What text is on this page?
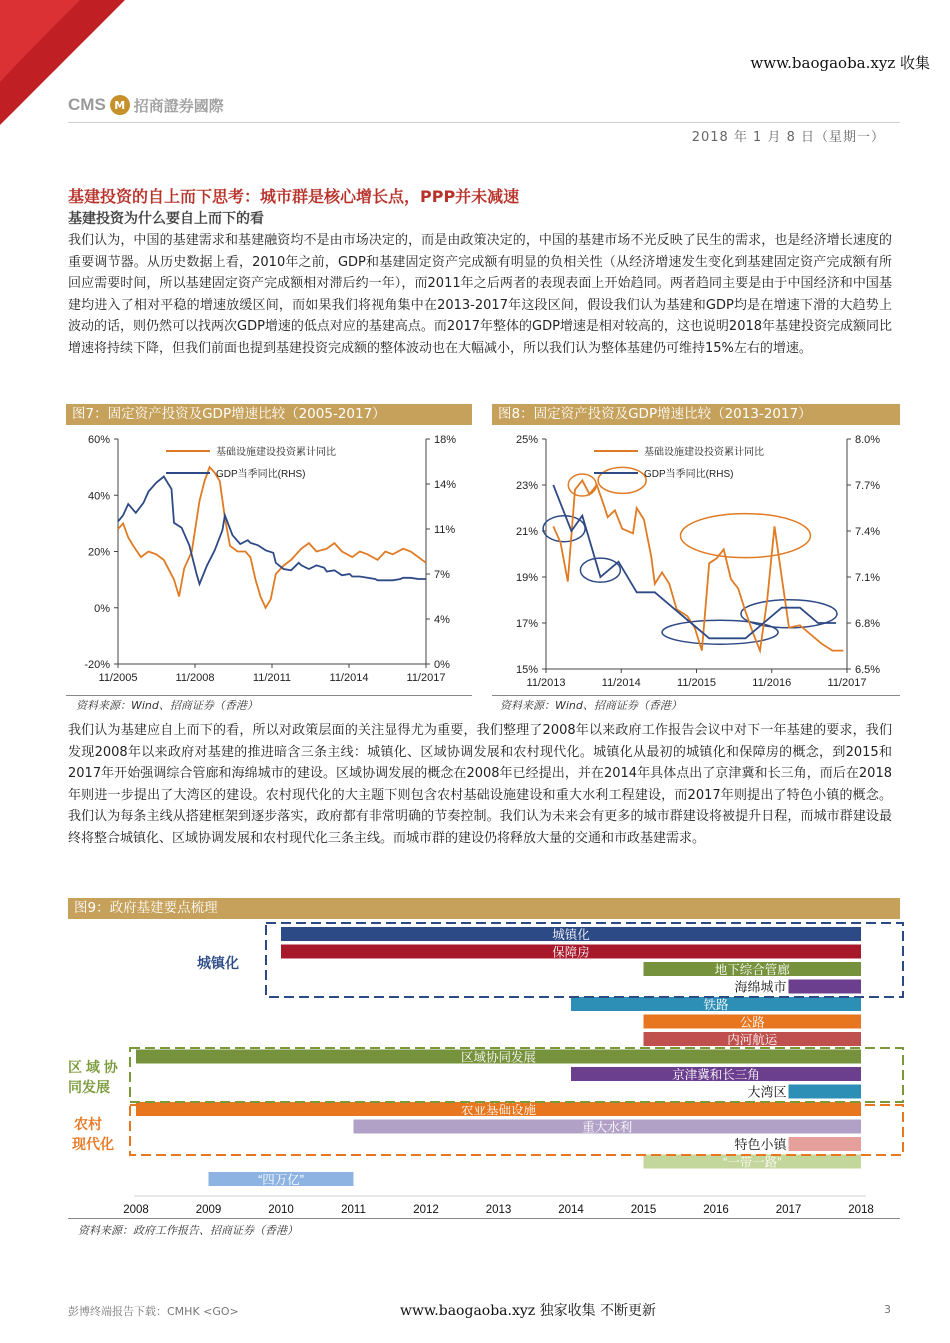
www.baogaoba.xyz 收集
CMS M 招商證券國際
2018 年 1 月 8 日（星期一）
基建投资的自上而下思考：城市群是核心增长点，PPP并未减速
基建投资为什么要自上而下的看
我们认为，中国的基建需求和基建融资均不是由市场决定的，而是由政策决定的，中国的基建市场不光反映了民生的需求，也是经济增长速度的重要调节器。从历史数据上看，2010年之前，GDP和基建固定资产完成额有明显的负相关性（从经济增速发生变化到基建固定资产完成额有所回应需要时间，所以基建固定资产完成额相对滞后约一年），而2011年之后两者的表现表面上开始趋同。两者趋同主要是由于中国经济和中国基建均进入了相对平稳的增速放缓区间，而如果我们将视角集中在2013-2017年这段区间，假设我们认为基建和GDP均是在增速下滑的大趋势上波动的话，则仍然可以找两次GDP增速的低点对应的基建高点。而2017年整体的GDP增速是相对较高的，这也说明2018年基建投资完成额同比增速将持续下降，但我们前面也提到基建投资完成额的整体波动也在大幅减小，所以我们认为整体基建仍可维持15%左右的增速。
图7：固定资产投资及GDP增速比较（2005-2017）
60%
40%
20%
0%
-20%
18%
14%
11%
7%
4%
0%
11/2005	11/2008	11/2011	11/2014	11/2017
基础设施建设投资累计同比
GDP当季同比(RHS)
资料来源：Wind、招商证券（香港）
图8：固定资产投资及GDP增速比较（2013-2017）
25%
23%
21%
19%
17%
15%
8.0%
7.7%
7.4%
7.1%
6.8%
6.5%
11/2013	11/2014	11/2015	11/2016	11/2017
基础设施建设投资累计同比
GDP当季同比(RHS)
资料来源：Wind、招商证券（香港）
我们认为基建应自上而下的看，所以对政策层面的关注显得尤为重要，我们整理了2008年以来政府工作报告会议中对下一年基建的要求，我们发现2008年以来政府对基建的推进暗含三条主线：城镇化、区域协调发展和农村现代化。城镇化从最初的城镇化和保障房的概念，到2015和2017年开始强调综合管廊和海绵城市的建设。区域协调发展的概念在2008年已经提出，并在2014年具体点出了京津冀和长三角，而后在2018年则进一步提出了大湾区的建设。农村现代化的大主题下则包含农村基础设施建设和重大水利工程建设，而2017年则提出了特色小镇的概念。我们认为每条主线从搭建框架到逐步落实，政府都有非常明确的节奏控制。我们认为未来会有更多的城市群建设将被提升日程，而城市群建设最终将整合城镇化、区域协调发展和农村现代化三条主线。而城市群的建设仍将释放大量的交通和市政基建需求。
图9：政府基建要点梳理
城镇化
保障房
地下综合管廊
海绵城市
铁路
公路
内河航运
区域协同发展
京津冀和长三角
大湾区
农业基础设施
重大水利
特色小镇
“一带一路”
“四万亿”
城镇化
区 域 协
同发展
农村
现代化
2008	2009	2010	2011	2012	2013	2014	2015	2016	2017	2018
资料来源：政府工作报告、招商证券（香港）
彭博终端报告下载：CMHK <GO>	www.baogaoba.xyz 独家收集 不断更新	3
